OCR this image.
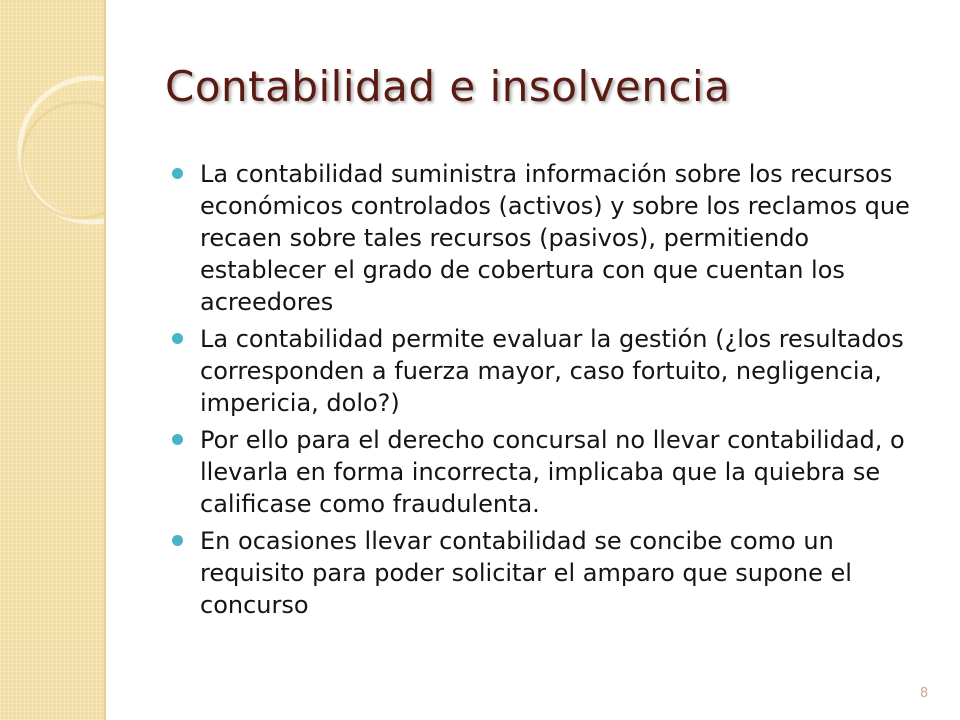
Contabilidad e insolvencia
La contabilidad suministra información sobre los recursos económicos controlados (activos) y sobre los reclamos que recaen sobre tales recursos (pasivos), permitiendo establecer el grado de cobertura con que cuentan los acreedores
La contabilidad permite evaluar la gestión (¿los resultados corresponden a fuerza mayor, caso fortuito, negligencia, impericia, dolo?)
Por ello para el derecho concursal no llevar contabilidad, o llevarla en forma incorrecta, implicaba que la quiebra se calificase como fraudulenta.
En ocasiones llevar contabilidad se concibe como un requisito para poder solicitar el amparo que supone el concurso
8
